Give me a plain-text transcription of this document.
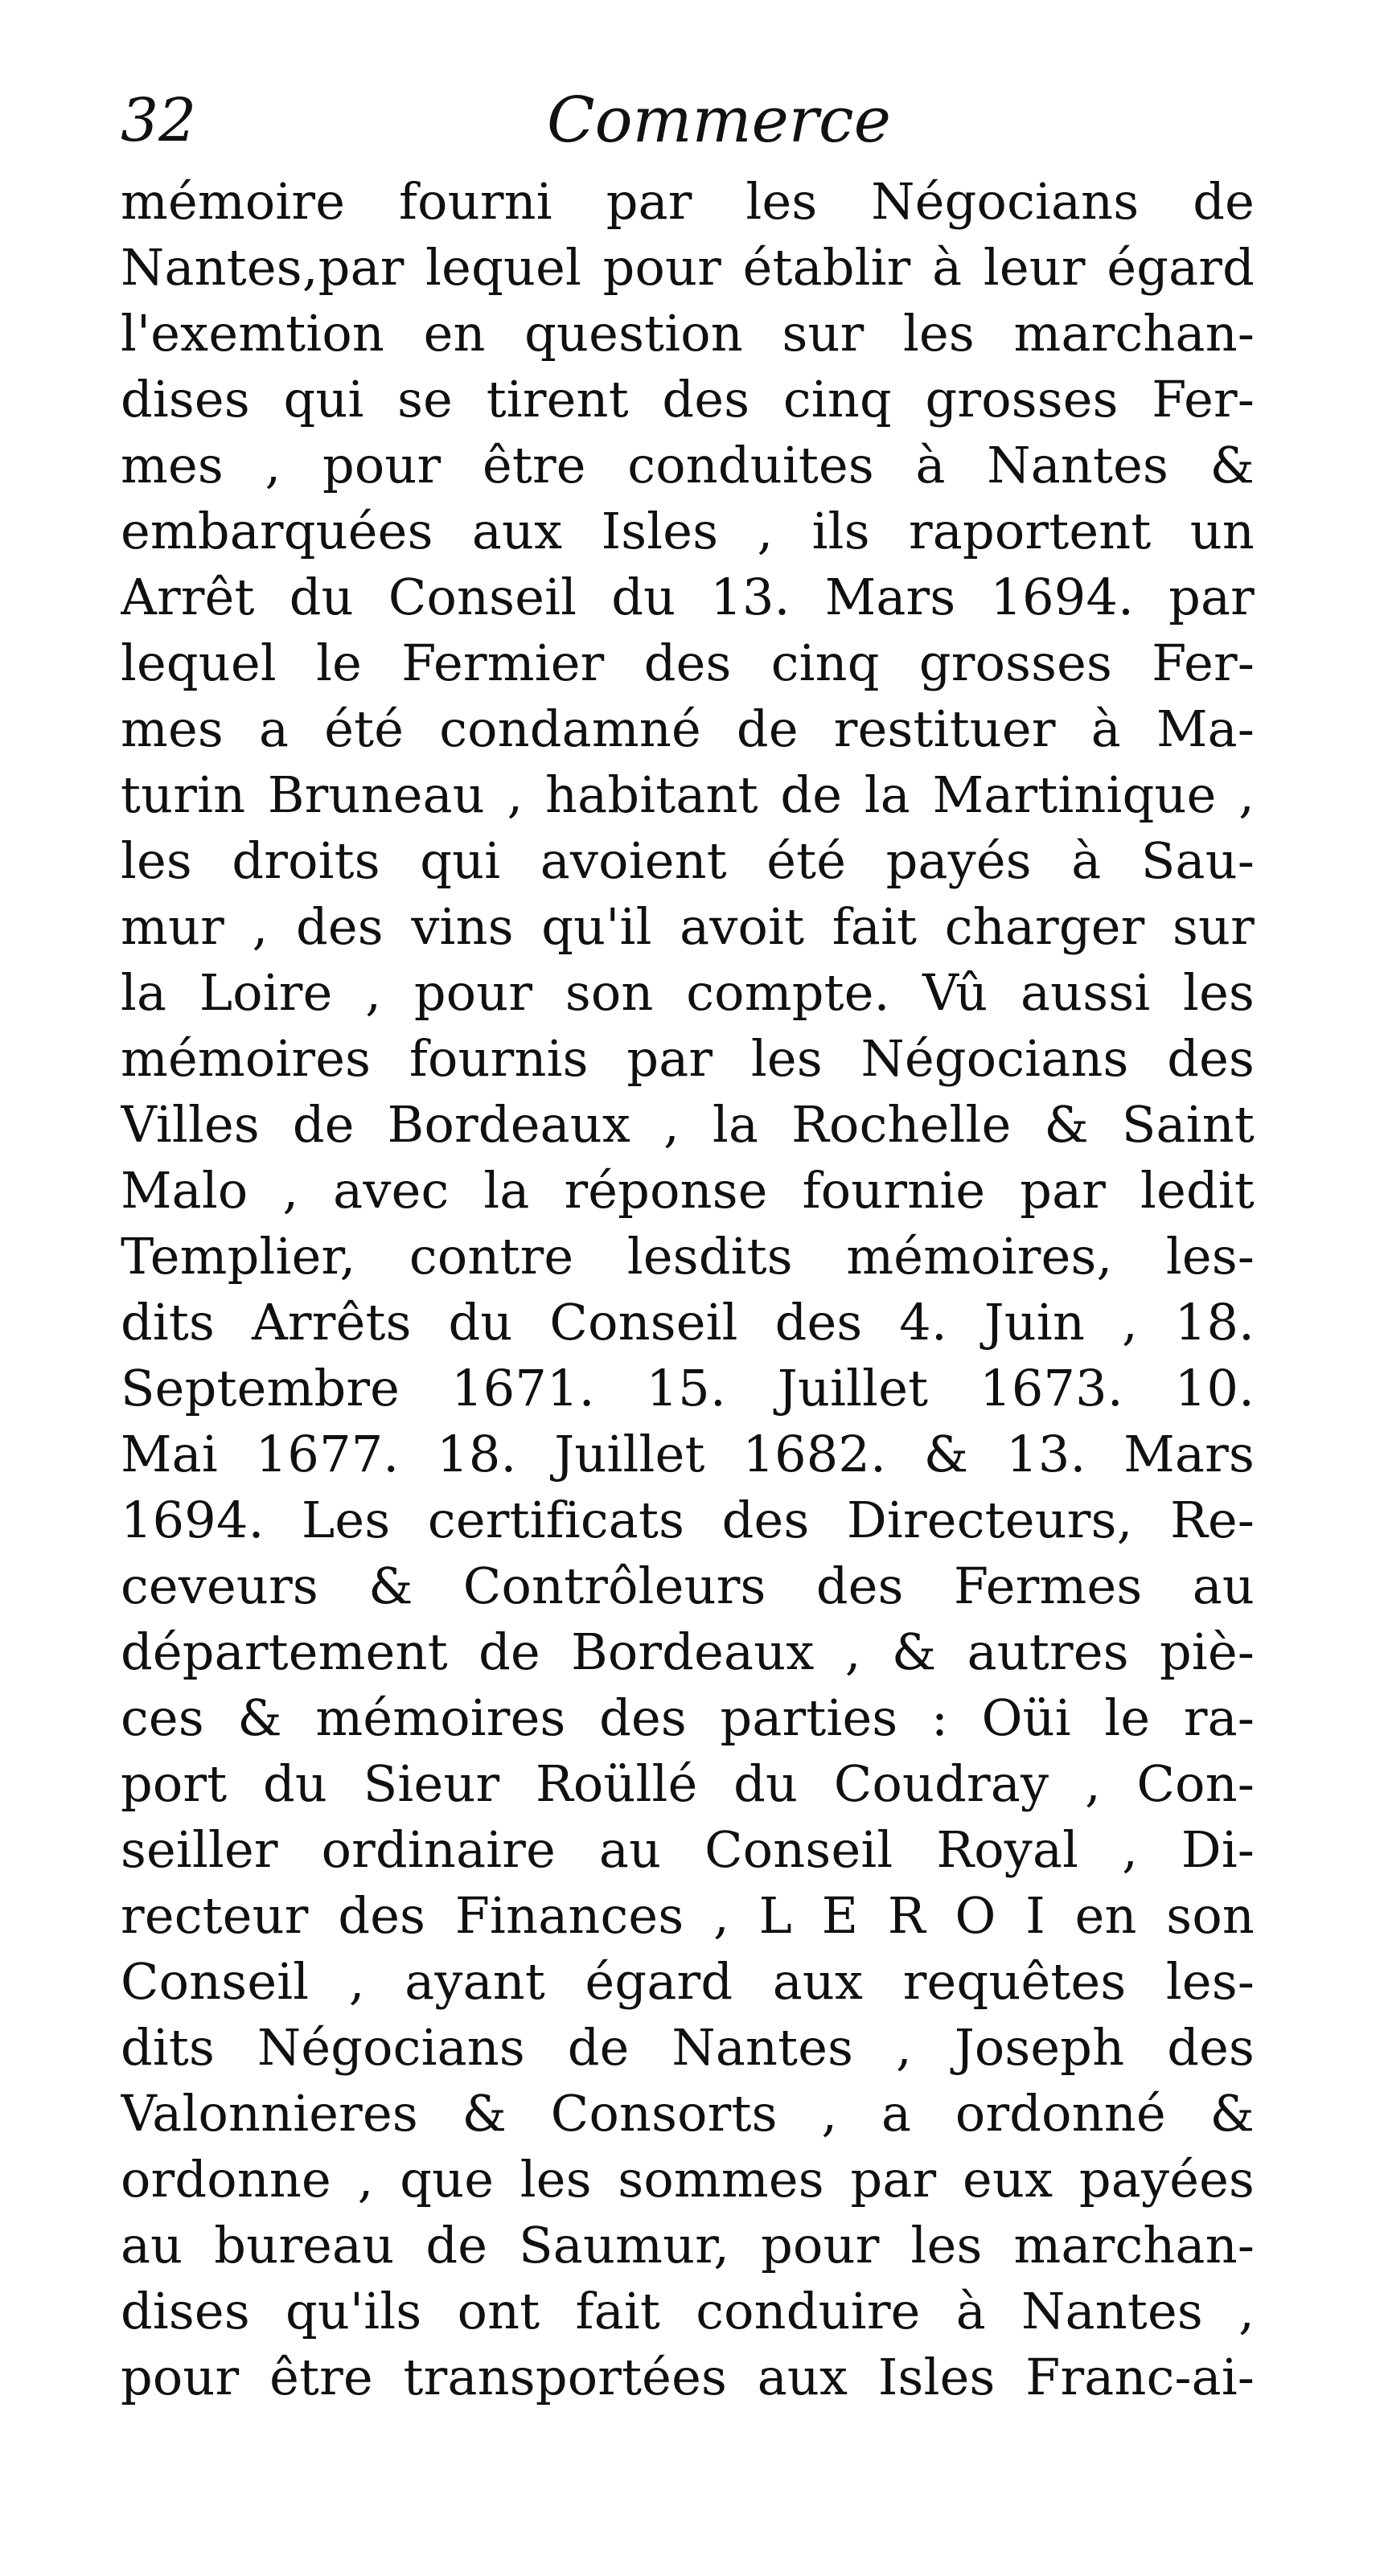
32	Commerce
mémoire fourni par les Négocians de
Nantes,par lequel pour établir à leur égard
l'exemtion en question sur les marchan-
dises qui se tirent des cinq grosses Fer-
mes , pour être conduites à Nantes &
embarquées aux Isles , ils raportent un
Arrêt du Conseil du 13. Mars 1694. par
lequel le Fermier des cinq grosses Fer-
mes a été condamné de restituer à Ma-
turin Bruneau , habitant de la Martinique ,
les droits qui avoient été payés à Sau-
mur , des vins qu'il avoit fait charger sur
la Loire , pour son compte. Vû aussi les
mémoires fournis par les Négocians des
Villes de Bordeaux , la Rochelle & Saint
Malo , avec la réponse fournie par ledit
Templier, contre lesdits mémoires, les-
dits Arrêts du Conseil des 4. Juin , 18.
Septembre 1671. 15. Juillet 1673. 10.
Mai 1677. 18. Juillet 1682. & 13. Mars
1694. Les certificats des Directeurs, Re-
ceveurs & Contrôleurs des Fermes au
département de Bordeaux , & autres piè-
ces & mémoires des parties : Oüi le ra-
port du Sieur Roüllé du Coudray , Con-
seiller ordinaire au Conseil Royal , Di-
recteur des Finances , L E R O I en son
Conseil , ayant égard aux requêtes les-
dits Négocians de Nantes , Joseph des
Valonnieres & Consorts , a ordonné &
ordonne , que les sommes par eux payées
au bureau de Saumur, pour les marchan-
dises qu'ils ont fait conduire à Nantes ,
pour être transportées aux Isles Franc-ai-
